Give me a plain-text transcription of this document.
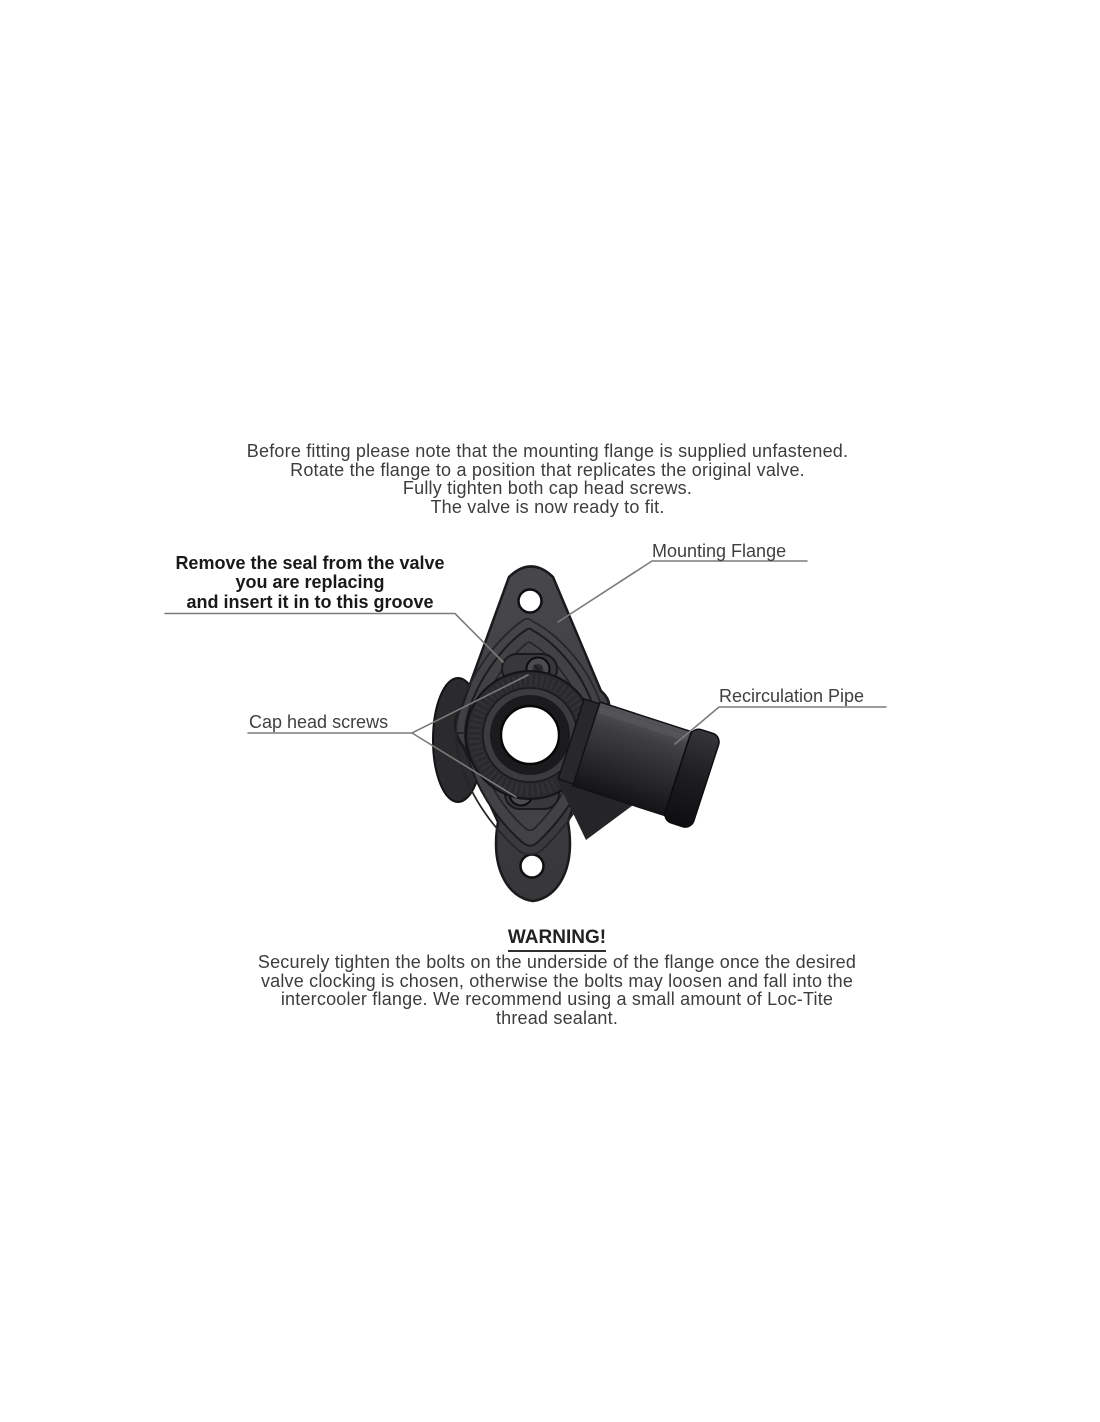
Before fitting please note that the mounting flange is supplied unfastened.
Rotate the flange to a position that replicates the original valve.
Fully tighten both cap head screws.
The valve is now ready to fit.
Remove the seal from the valve
you are replacing
and insert it in to this groove
Mounting Flange
Cap head screws
Recirculation Pipe
WARNING!
Securely tighten the bolts on the underside of the flange once the desired
valve clocking is chosen, otherwise the bolts may loosen and fall into the
intercooler flange. We recommend using a small amount of Loc-Tite
thread sealant.
